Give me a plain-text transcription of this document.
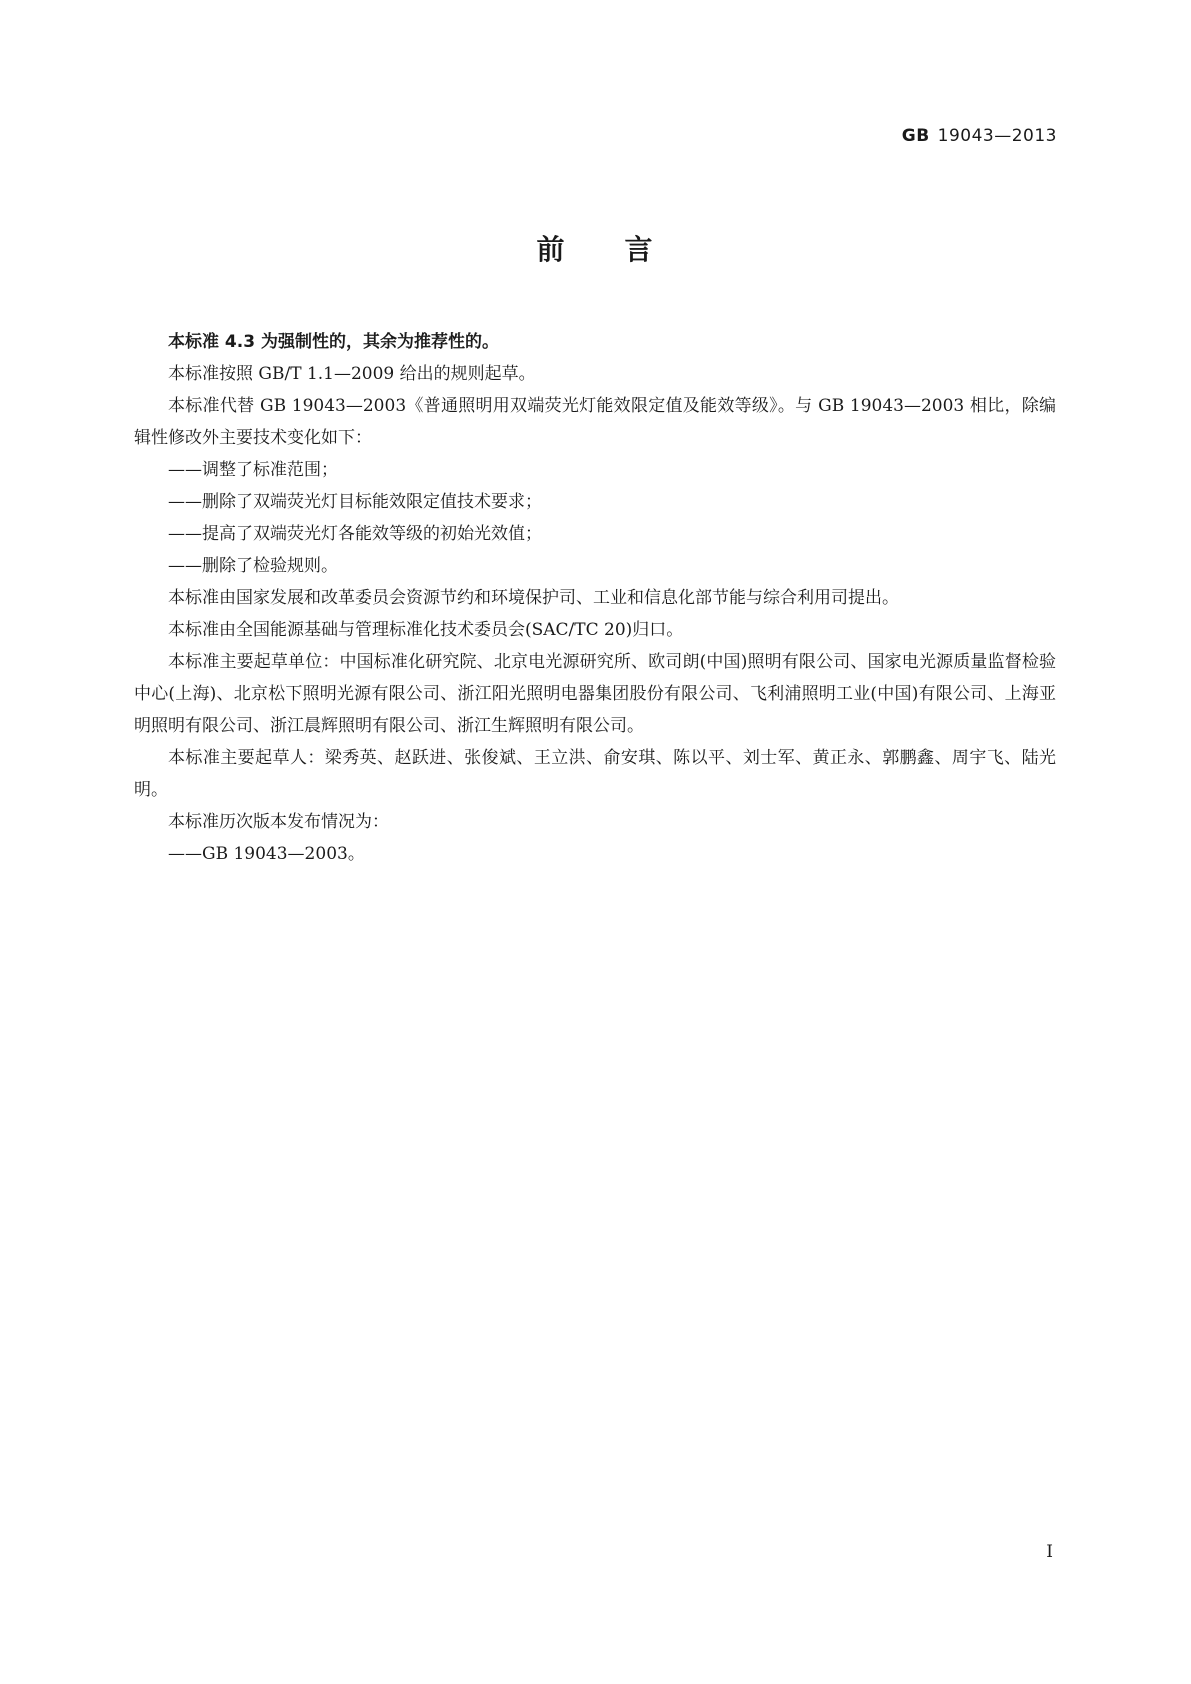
GB 19043—2013
前 言

本标准 4.3 为强制性的，其余为推荐性的。

本标准按照 GB/T 1.1—2009 给出的规则起草。

本标准代替 GB 19043—2003《普通照明用双端荧光灯能效限定值及能效等级》。与 GB 19043—2003 相比，除编辑性修改外主要技术变化如下：

——调整了标准范围；

——删除了双端荧光灯目标能效限定值技术要求；

——提高了双端荧光灯各能效等级的初始光效值；

——删除了检验规则。

本标准由国家发展和改革委员会资源节约和环境保护司、工业和信息化部节能与综合利用司提出。

本标准由全国能源基础与管理标准化技术委员会(SAC/TC 20)归口。

本标准主要起草单位：中国标准化研究院、北京电光源研究所、欧司朗(中国)照明有限公司、国家电光源质量监督检验中心(上海)、北京松下照明光源有限公司、浙江阳光照明电器集团股份有限公司、飞利浦照明工业(中国)有限公司、上海亚明照明有限公司、浙江晨辉照明有限公司、浙江生辉照明有限公司。

本标准主要起草人：梁秀英、赵跃进、张俊斌、王立洪、俞安琪、陈以平、刘士军、黄正永、郭鹏鑫、周宇飞、陆光明。

本标准历次版本发布情况为：

——GB 19043—2003。

I
